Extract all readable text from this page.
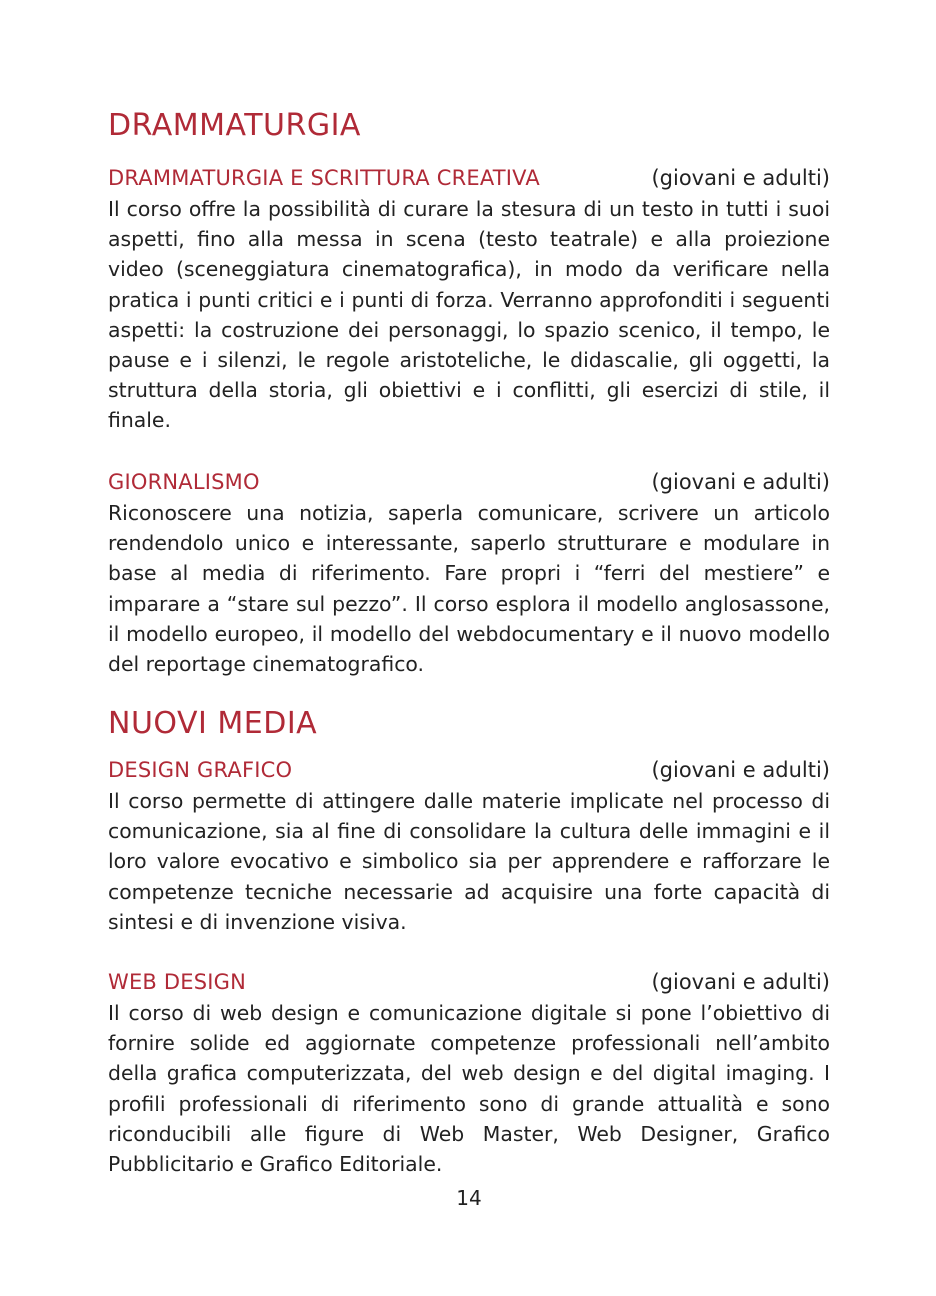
DRAMMATURGIA
DRAMMATURGIA E SCRITTURA CREATIVA	(giovani e adulti)

Il corso offre la possibilità di curare la stesura di un testo in tutti i suoi aspetti, fino alla messa in scena (testo teatrale) e alla proiezione video (sceneggiatura cinematografica), in modo da verificare nella pratica i punti critici e i punti di forza. Verranno approfonditi i seguenti aspetti: la costruzione dei personaggi, lo spazio scenico, il tempo, le pause e i silenzi, le regole aristoteliche, le didascalie, gli oggetti, la struttura della storia, gli obiettivi e i conflitti, gli esercizi di stile, il finale.

GIORNALISMO	(giovani e adulti)

Riconoscere una notizia, saperla comunicare, scrivere un articolo rendendolo unico e interessante, saperlo strutturare e modulare in base al media di riferimento. Fare propri i “ferri del mestiere” e imparare a “stare sul pezzo”. Il corso esplora il modello anglosassone, il modello europeo, il modello del webdocumentary e il nuovo modello del reportage cinematografico.

NUOVI MEDIA
DESIGN GRAFICO	(giovani e adulti)

Il corso permette di attingere dalle materie implicate nel processo di comunicazione, sia al fine di consolidare la cultura delle immagini e il loro valore evocativo e simbolico sia per apprendere e rafforzare le competenze tecniche necessarie ad acquisire una forte capacità di sintesi e di invenzione visiva.

WEB DESIGN	(giovani e adulti)

Il corso di web design e comunicazione digitale si pone l’obiettivo di fornire solide ed aggiornate competenze professionali nell’ambito della grafica computerizzata, del web design e del digital imaging. I profili professionali di riferimento sono di grande attualità e sono riconducibili alle figure di Web Master, Web Designer, Grafico Pubblicitario e Grafico Editoriale.

14
